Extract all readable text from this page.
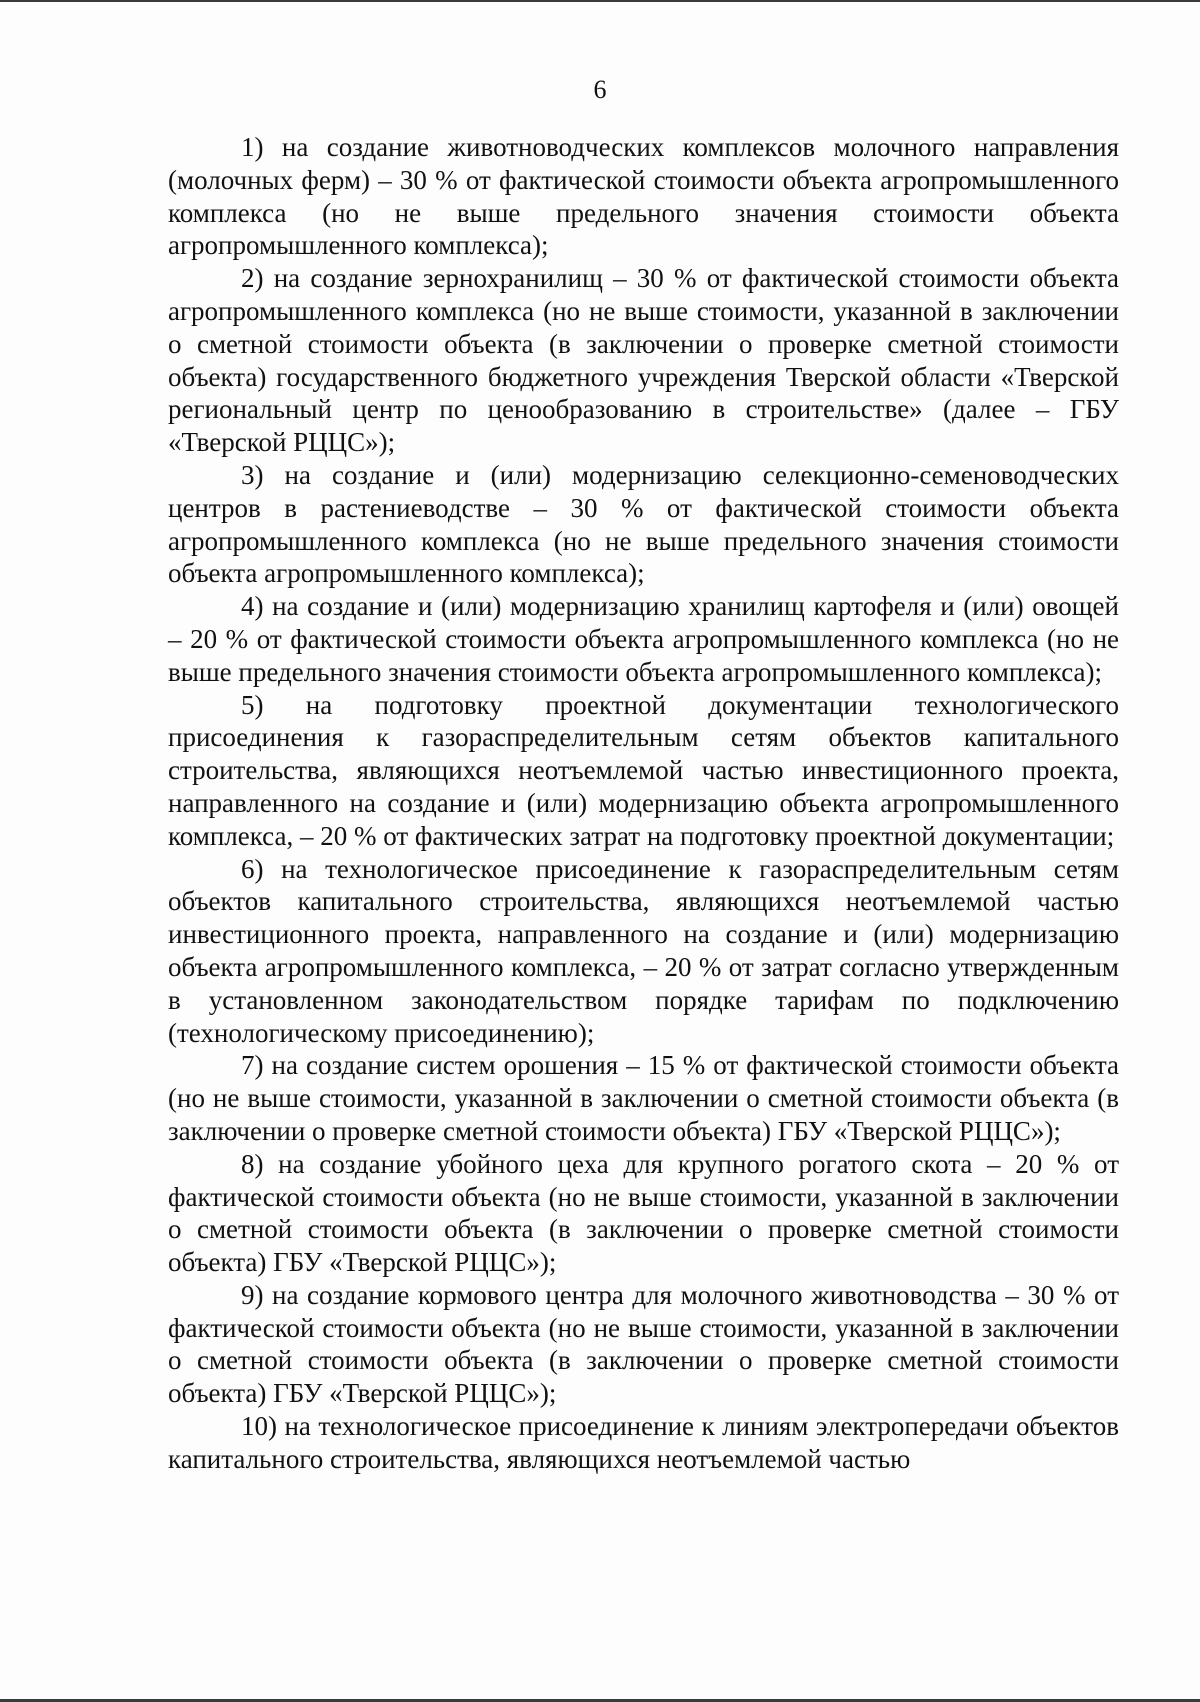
6

1) на создание животноводческих комплексов молочного направления (молочных ферм) – 30 % от фактической стоимости объекта агропромышленного комплекса (но не выше предельного значения стоимости объекта агропромышленного комплекса);

2) на создание зернохранилищ – 30 % от фактической стоимости объекта агропромышленного комплекса (но не выше стоимости, указанной в заключении о сметной стоимости объекта (в заключении о проверке сметной стоимости объекта) государственного бюджетного учреждения Тверской области «Тверской региональный центр по ценообразованию в строительстве» (далее – ГБУ «Тверской РЦЦС»);

3) на создание и (или) модернизацию селекционно-семеноводческих центров в растениеводстве – 30 % от фактической стоимости объекта агропромышленного комплекса (но не выше предельного значения стоимости объекта агропромышленного комплекса);

4) на создание и (или) модернизацию хранилищ картофеля и (или) овощей – 20 % от фактической стоимости объекта агропромышленного комплекса (но не выше предельного значения стоимости объекта агропромышленного комплекса);

5) на подготовку проектной документации технологического присоединения к газораспределительным сетям объектов капитального строительства, являющихся неотъемлемой частью инвестиционного проекта, направленного на создание и (или) модернизацию объекта агропромышленного комплекса, – 20 % от фактических затрат на подготовку проектной документации;

6) на технологическое присоединение к газораспределительным сетям объектов капитального строительства, являющихся неотъемлемой частью инвестиционного проекта, направленного на создание и (или) модернизацию объекта агропромышленного комплекса, – 20 % от затрат согласно утвержденным в установленном законодательством порядке тарифам по подключению (технологическому присоединению);

7) на создание систем орошения – 15 % от фактической стоимости объекта (но не выше стоимости, указанной в заключении о сметной стоимости объекта (в заключении о проверке сметной стоимости объекта) ГБУ «Тверской РЦЦС»);

8) на создание убойного цеха для крупного рогатого скота – 20 % от фактической стоимости объекта (но не выше стоимости, указанной в заключении о сметной стоимости объекта (в заключении о проверке сметной стоимости объекта) ГБУ «Тверской РЦЦС»);

9) на создание кормового центра для молочного животноводства – 30 % от фактической стоимости объекта (но не выше стоимости, указанной в заключении о сметной стоимости объекта (в заключении о проверке сметной стоимости объекта) ГБУ «Тверской РЦЦС»);

10) на технологическое присоединение к линиям электропередачи объектов капитального строительства, являющихся неотъемлемой частью
